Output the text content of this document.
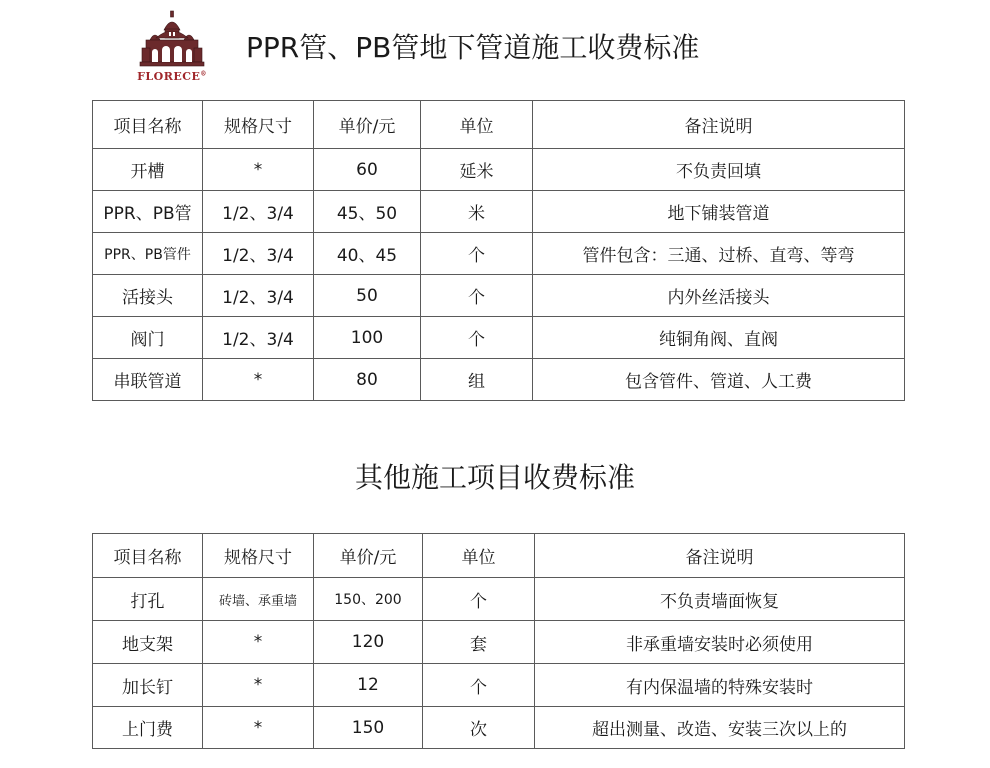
FLORECE®
PPR管、PB管地下管道施工收费标准
项目名称	规格尺寸	单价/元	单位	备注说明
开槽	*	60	延米	不负责回填
PPR、PB管	1/2、3/4	45、50	米	地下铺装管道
PPR、PB管件	1/2、3/4	40、45	个	管件包含：三通、过桥、直弯、等弯
活接头	1/2、3/4	50	个	内外丝活接头
阀门	1/2、3/4	100	个	纯铜角阀、直阀
串联管道	*	80	组	包含管件、管道、人工费
其他施工项目收费标准
项目名称	规格尺寸	单价/元	单位	备注说明
打孔	砖墙、承重墙	150、200	个	不负责墙面恢复
地支架	*	120	套	非承重墙安装时必须使用
加长钉	*	12	个	有内保温墙的特殊安装时
上门费	*	150	次	超出测量、改造、安装三次以上的
